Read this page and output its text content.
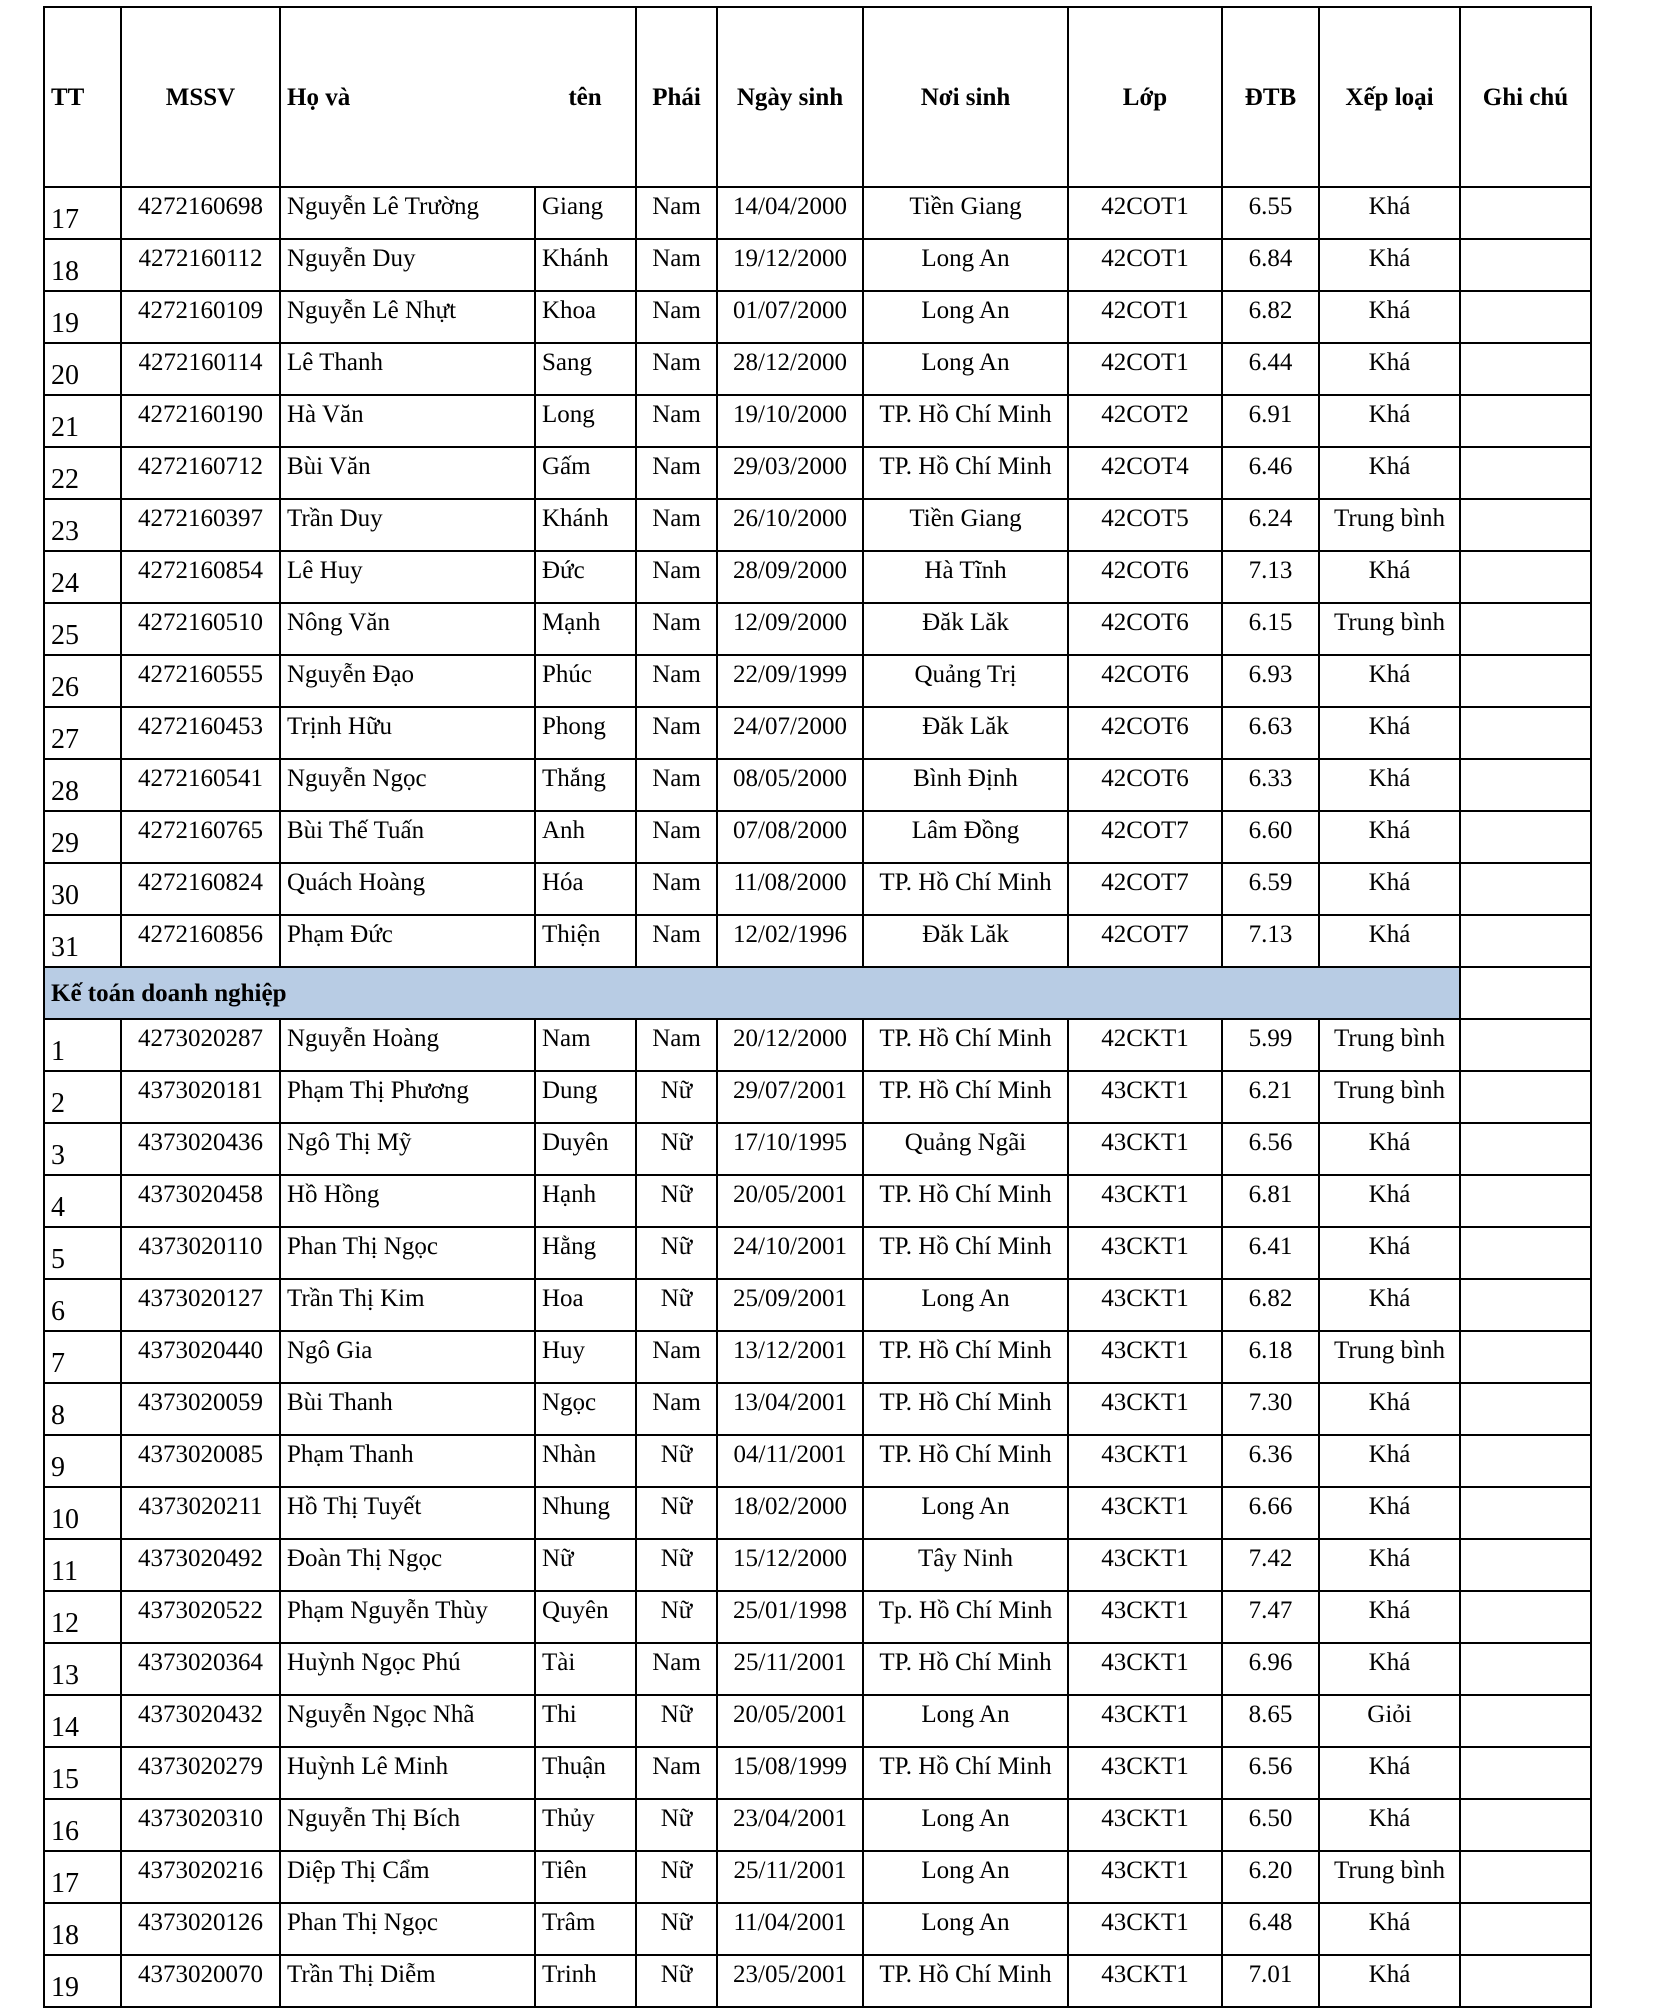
TT	MSSV	Họ và	tên	Phái	Ngày sinh	Nơi sinh	Lớp	ĐTB	Xếp loại	Ghi chú
17	4272160698	Nguyễn Lê Trường	Giang	Nam	14/04/2000	Tiền Giang	42COT1	6.55	Khá	
18	4272160112	Nguyễn Duy	Khánh	Nam	19/12/2000	Long An	42COT1	6.84	Khá	
19	4272160109	Nguyễn Lê Nhựt	Khoa	Nam	01/07/2000	Long An	42COT1	6.82	Khá	
20	4272160114	Lê Thanh	Sang	Nam	28/12/2000	Long An	42COT1	6.44	Khá	
21	4272160190	Hà Văn	Long	Nam	19/10/2000	TP. Hồ Chí Minh	42COT2	6.91	Khá	
22	4272160712	Bùi Văn	Gấm	Nam	29/03/2000	TP. Hồ Chí Minh	42COT4	6.46	Khá	
23	4272160397	Trần Duy	Khánh	Nam	26/10/2000	Tiền Giang	42COT5	6.24	Trung bình	
24	4272160854	Lê Huy	Đức	Nam	28/09/2000	Hà Tĩnh	42COT6	7.13	Khá	
25	4272160510	Nông Văn	Mạnh	Nam	12/09/2000	Đăk Lăk	42COT6	6.15	Trung bình	
26	4272160555	Nguyễn Đạo	Phúc	Nam	22/09/1999	Quảng Trị	42COT6	6.93	Khá	
27	4272160453	Trịnh Hữu	Phong	Nam	24/07/2000	Đăk Lăk	42COT6	6.63	Khá	
28	4272160541	Nguyễn Ngọc	Thắng	Nam	08/05/2000	Bình Định	42COT6	6.33	Khá	
29	4272160765	Bùi Thế Tuấn	Anh	Nam	07/08/2000	Lâm Đồng	42COT7	6.60	Khá	
30	4272160824	Quách Hoàng	Hóa	Nam	11/08/2000	TP. Hồ Chí Minh	42COT7	6.59	Khá	
31	4272160856	Phạm Đức	Thiện	Nam	12/02/1996	Đăk Lăk	42COT7	7.13	Khá	
Kế toán doanh nghiệp										
1	4273020287	Nguyễn Hoàng	Nam	Nam	20/12/2000	TP. Hồ Chí Minh	42CKT1	5.99	Trung bình	
2	4373020181	Phạm Thị Phương	Dung	Nữ	29/07/2001	TP. Hồ Chí Minh	43CKT1	6.21	Trung bình	
3	4373020436	Ngô Thị Mỹ	Duyên	Nữ	17/10/1995	Quảng Ngãi	43CKT1	6.56	Khá	
4	4373020458	Hồ Hồng	Hạnh	Nữ	20/05/2001	TP. Hồ Chí Minh	43CKT1	6.81	Khá	
5	4373020110	Phan Thị Ngọc	Hằng	Nữ	24/10/2001	TP. Hồ Chí Minh	43CKT1	6.41	Khá	
6	4373020127	Trần Thị Kim	Hoa	Nữ	25/09/2001	Long An	43CKT1	6.82	Khá	
7	4373020440	Ngô Gia	Huy	Nam	13/12/2001	TP. Hồ Chí Minh	43CKT1	6.18	Trung bình	
8	4373020059	Bùi Thanh	Ngọc	Nam	13/04/2001	TP. Hồ Chí Minh	43CKT1	7.30	Khá	
9	4373020085	Phạm Thanh	Nhàn	Nữ	04/11/2001	TP. Hồ Chí Minh	43CKT1	6.36	Khá	
10	4373020211	Hồ Thị Tuyết	Nhung	Nữ	18/02/2000	Long An	43CKT1	6.66	Khá	
11	4373020492	Đoàn Thị Ngọc	Nữ	Nữ	15/12/2000	Tây Ninh	43CKT1	7.42	Khá	
12	4373020522	Phạm Nguyễn Thùy	Quyên	Nữ	25/01/1998	Tp. Hồ Chí Minh	43CKT1	7.47	Khá	
13	4373020364	Huỳnh Ngọc Phú	Tài	Nam	25/11/2001	TP. Hồ Chí Minh	43CKT1	6.96	Khá	
14	4373020432	Nguyễn Ngọc Nhã	Thi	Nữ	20/05/2001	Long An	43CKT1	8.65	Giỏi	
15	4373020279	Huỳnh Lê Minh	Thuận	Nam	15/08/1999	TP. Hồ Chí Minh	43CKT1	6.56	Khá	
16	4373020310	Nguyễn Thị Bích	Thủy	Nữ	23/04/2001	Long An	43CKT1	6.50	Khá	
17	4373020216	Diệp Thị Cẩm	Tiên	Nữ	25/11/2001	Long An	43CKT1	6.20	Trung bình	
18	4373020126	Phan Thị Ngọc	Trâm	Nữ	11/04/2001	Long An	43CKT1	6.48	Khá	
19	4373020070	Trần Thị Diễm	Trinh	Nữ	23/05/2001	TP. Hồ Chí Minh	43CKT1	7.01	Khá	
